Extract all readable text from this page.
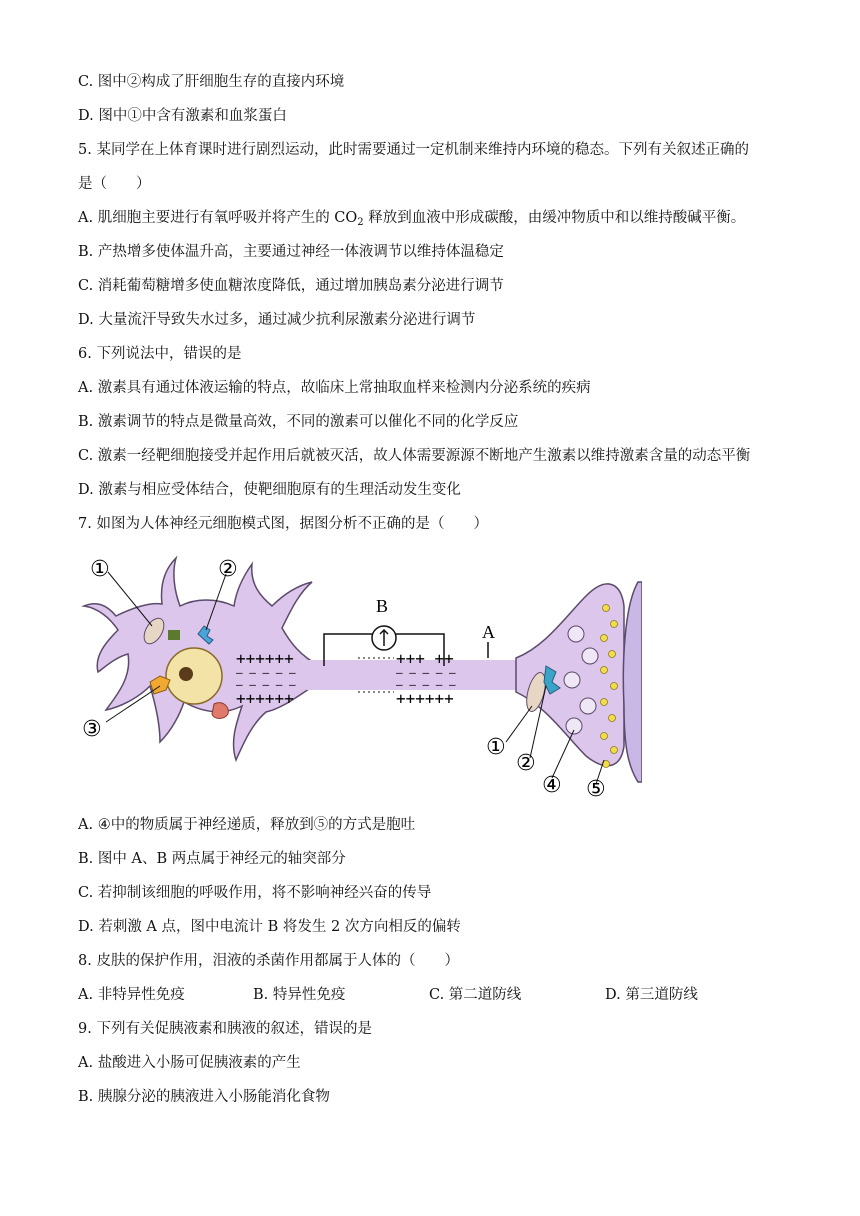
C. 图中②构成了肝细胞生存的直接内环境
D. 图中①中含有激素和血浆蛋白
5. 某同学在上体育课时进行剧烈运动，此时需要通过一定机制来维持内环境的稳态。下列有关叙述正确的
是（　　）
A. 肌细胞主要进行有氧呼吸并将产生的 $CO_2$ 释放到血液中形成碳酸，由缓冲物质中和以维持酸碱平衡。
B. 产热增多使体温升高，主要通过神经一体液调节以维持体温稳定
C. 消耗葡萄糖增多使血糖浓度降低，通过增加胰岛素分泌进行调节
D. 大量流汗导致失水过多，通过减少抗利尿激素分泌进行调节
6. 下列说法中，错误的是
A. 激素具有通过体液运输的特点，故临床上常抽取血样来检测内分泌系统的疾病
B. 激素调节的特点是微量高效，不同的激素可以催化不同的化学反应
C. 激素一经靶细胞接受并起作用后就被灭活，故人体需要源源不断地产生激素以维持激素含量的动态平衡
D. 激素与相应受体结合，使靶细胞原有的生理活动发生变化
7. 如图为人体神经元细胞模式图，据图分析不正确的是（　　）
B
A
++++++	+++ ++
— — — — —	— — — — —
— — — — —	— — — — —
++++++	++++++
①	②
③
①
②
④ ⑤
A. ④中的物质属于神经递质，释放到⑤的方式是胞吐
B. 图中 A、B 两点属于神经元的轴突部分
C. 若抑制该细胞的呼吸作用，将不影响神经兴奋的传导
D. 若刺激 A 点，图中电流计 B 将发生 2 次方向相反的偏转
8. 皮肤的保护作用，泪液的杀菌作用都属于人体的（　　）
A. 非特异性免疫	B. 特异性免疫	C. 第二道防线	D. 第三道防线
9. 下列有关促胰液素和胰液的叙述，错误的是
A. 盐酸进入小肠可促胰液素的产生
B. 胰腺分泌的胰液进入小肠能消化食物
